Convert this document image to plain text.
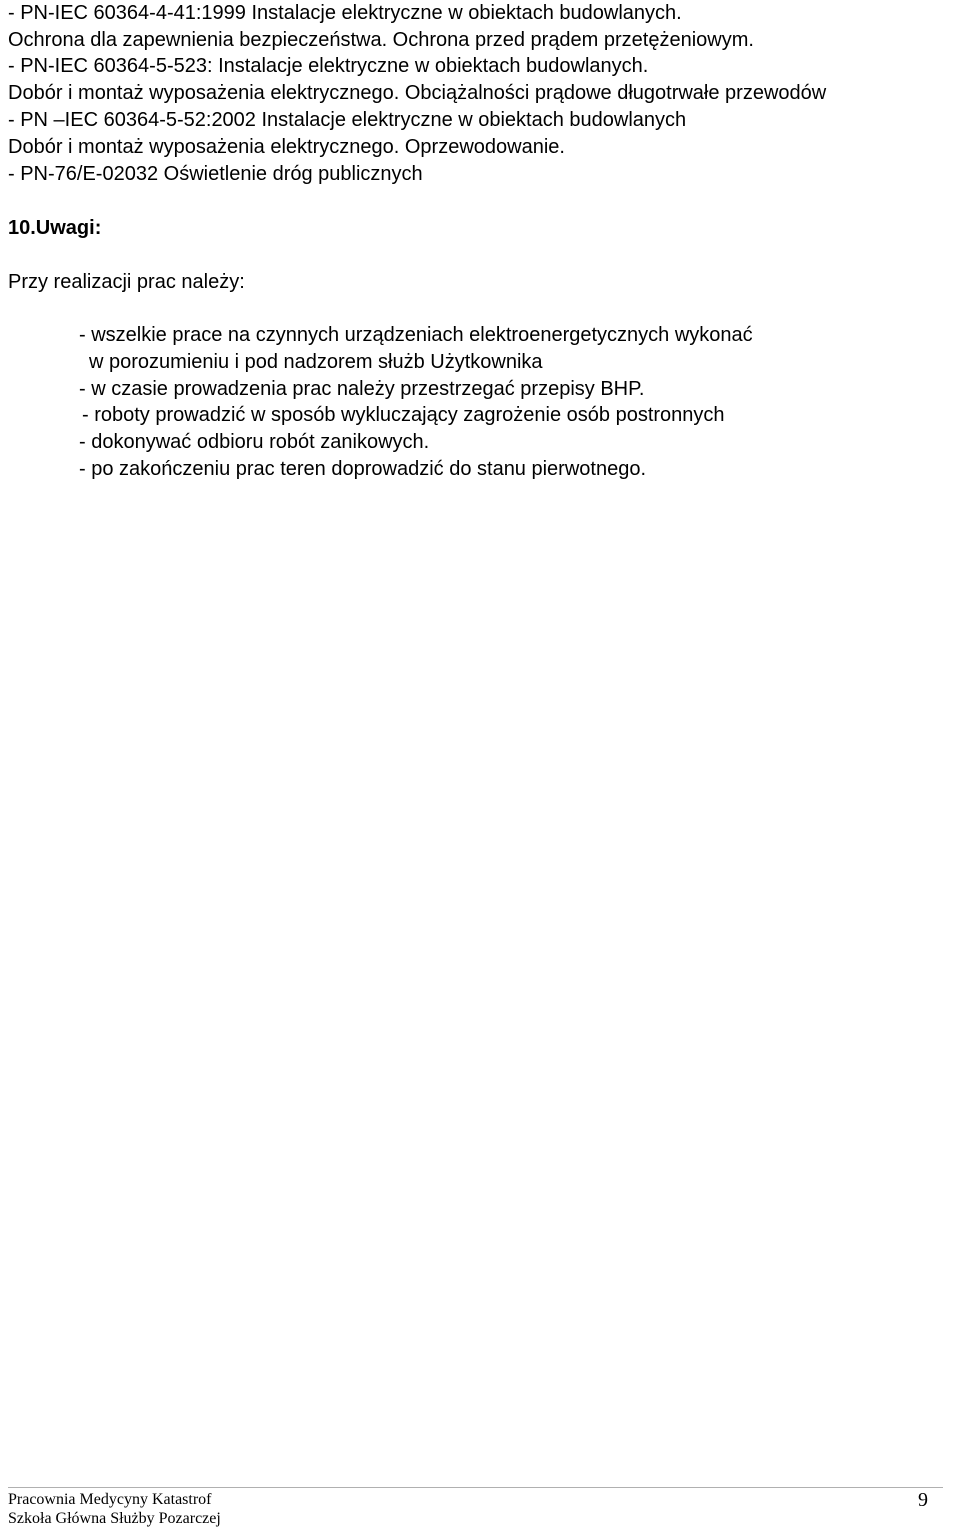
- PN-IEC 60364-4-41:1999 Instalacje elektryczne w obiektach budowlanych.
Ochrona dla zapewnienia bezpieczeństwa. Ochrona przed prądem przetężeniowym.
- PN-IEC 60364-5-523: Instalacje elektryczne w obiektach budowlanych.
Dobór i montaż wyposażenia elektrycznego. Obciążalności prądowe długotrwałe przewodów
- PN –IEC 60364-5-52:2002 Instalacje elektryczne w obiektach budowlanych
Dobór i montaż wyposażenia elektrycznego. Oprzewodowanie.
- PN-76/E-02032 Oświetlenie dróg publicznych
10.Uwagi:
Przy realizacji prac należy:
- wszelkie prace na czynnych urządzeniach elektroenergetycznych wykonać
w porozumieniu i pod nadzorem służb Użytkownika
- w czasie prowadzenia prac należy przestrzegać przepisy BHP.
- roboty prowadzić w sposób wykluczający zagrożenie osób postronnych
- dokonywać odbioru robót zanikowych.
- po zakończeniu prac teren doprowadzić do stanu pierwotnego.
Pracownia Medycyny Katastrof
Szkoła Główna Służby Pozarczej
9
